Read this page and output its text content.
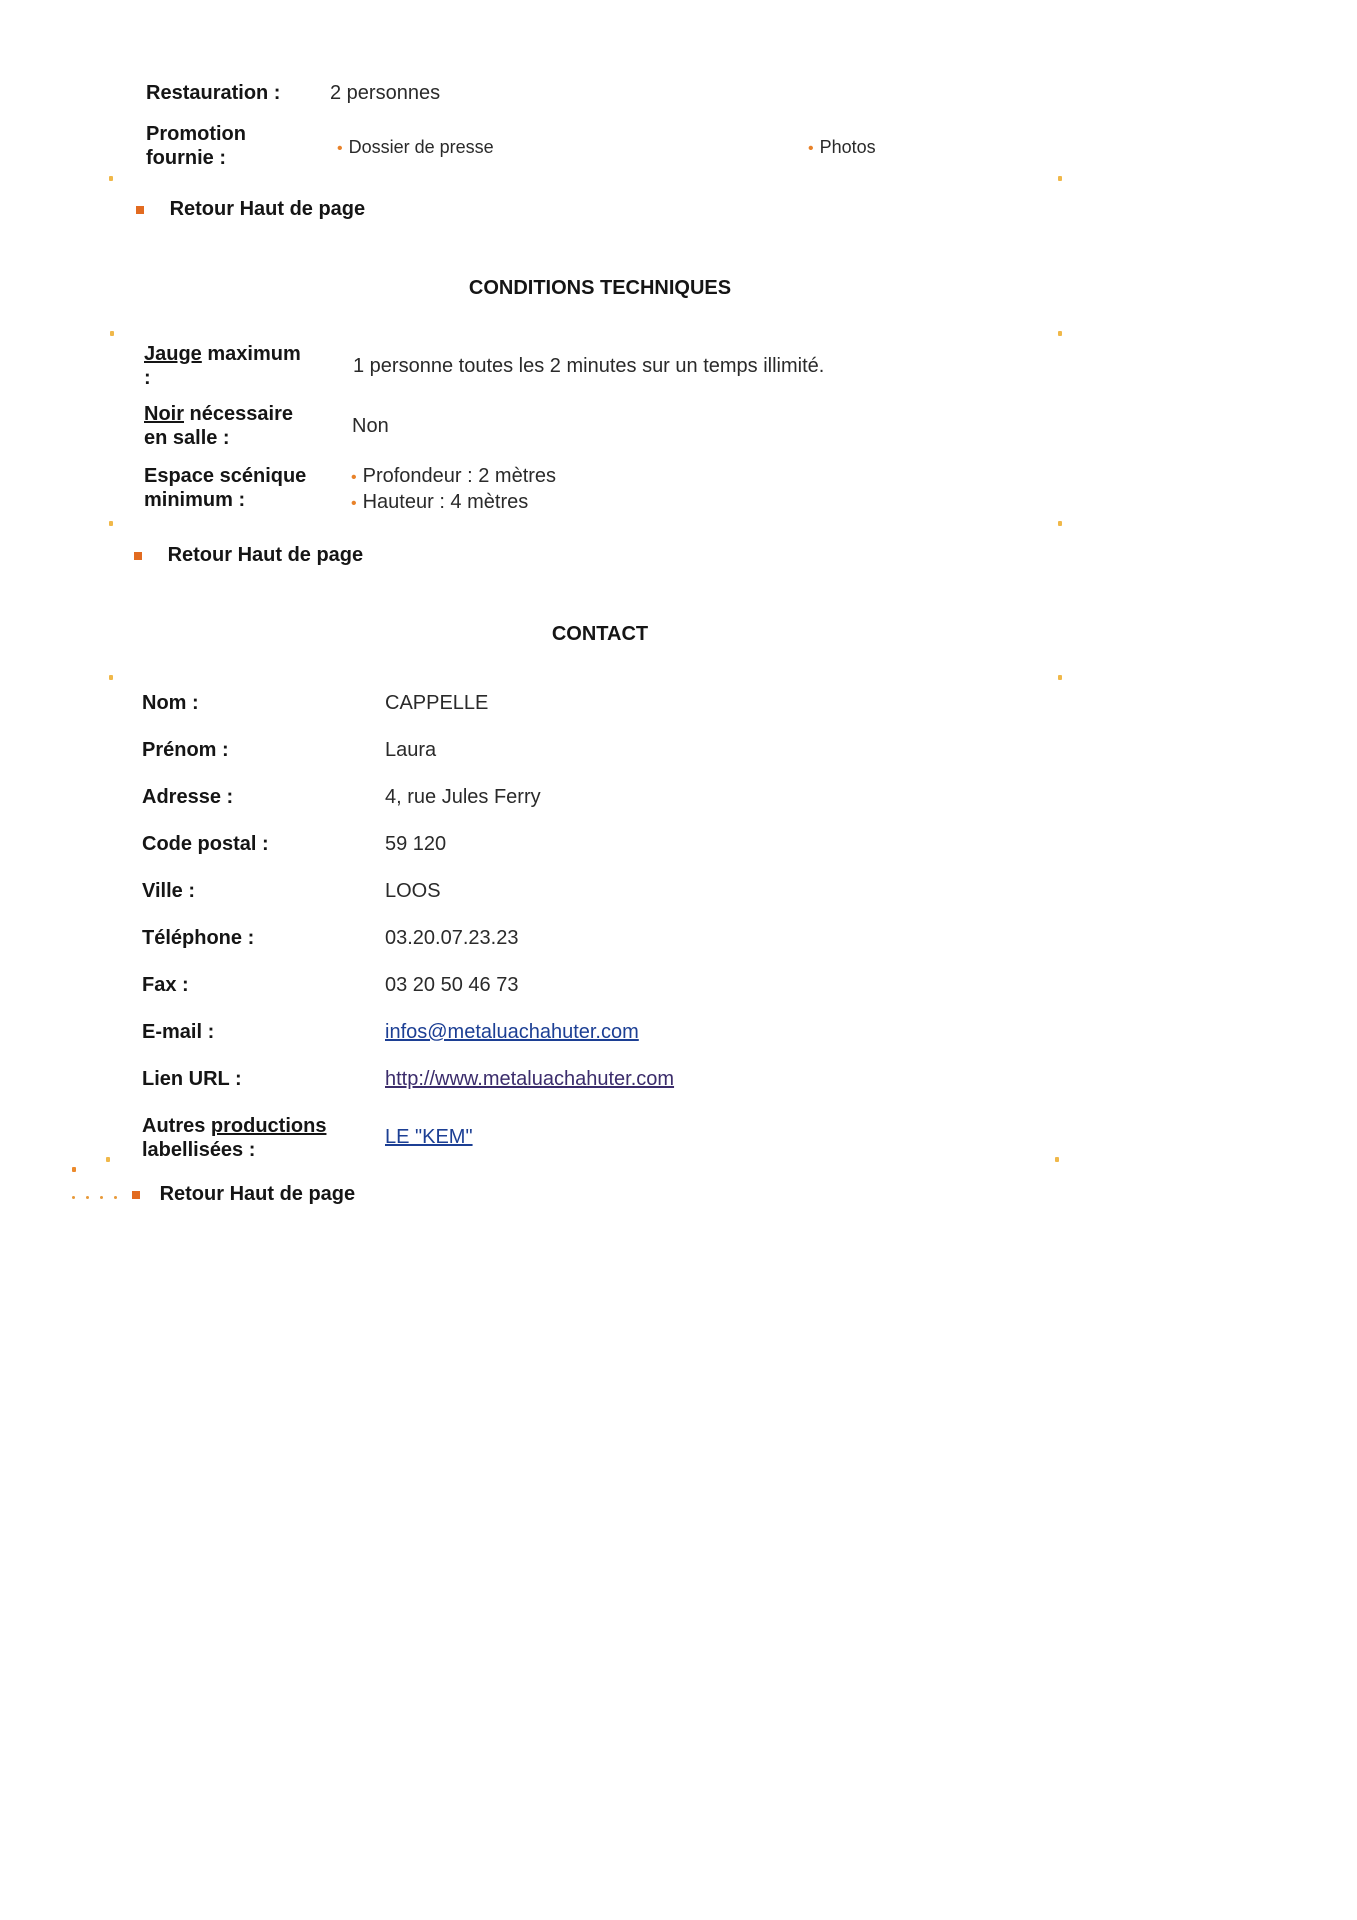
Restauration : 2 personnes
Promotion
fournie :	• Dossier de presse	• Photos
Retour Haut de page
CONDITIONS TECHNIQUES
Jauge maximum
:
1 personne toutes les 2 minutes sur un temps illimité.
Noir nécessaire
en salle :
Non
Espace scénique
minimum :
• Profondeur : 2 mètres
• Hauteur : 4 mètres
Retour Haut de page
CONTACT
Nom :	CAPPELLE
Prénom :	Laura
Adresse :	4, rue Jules Ferry
Code postal :	59 120
Ville :	LOOS
Téléphone :	03.20.07.23.23
Fax :	03 20 50 46 73
E-mail :	infos@metaluachahuter.com
Lien URL :	http://www.metaluachahuter.com
Autres productions
labellisées :
LE "KEM"
Retour Haut de page
